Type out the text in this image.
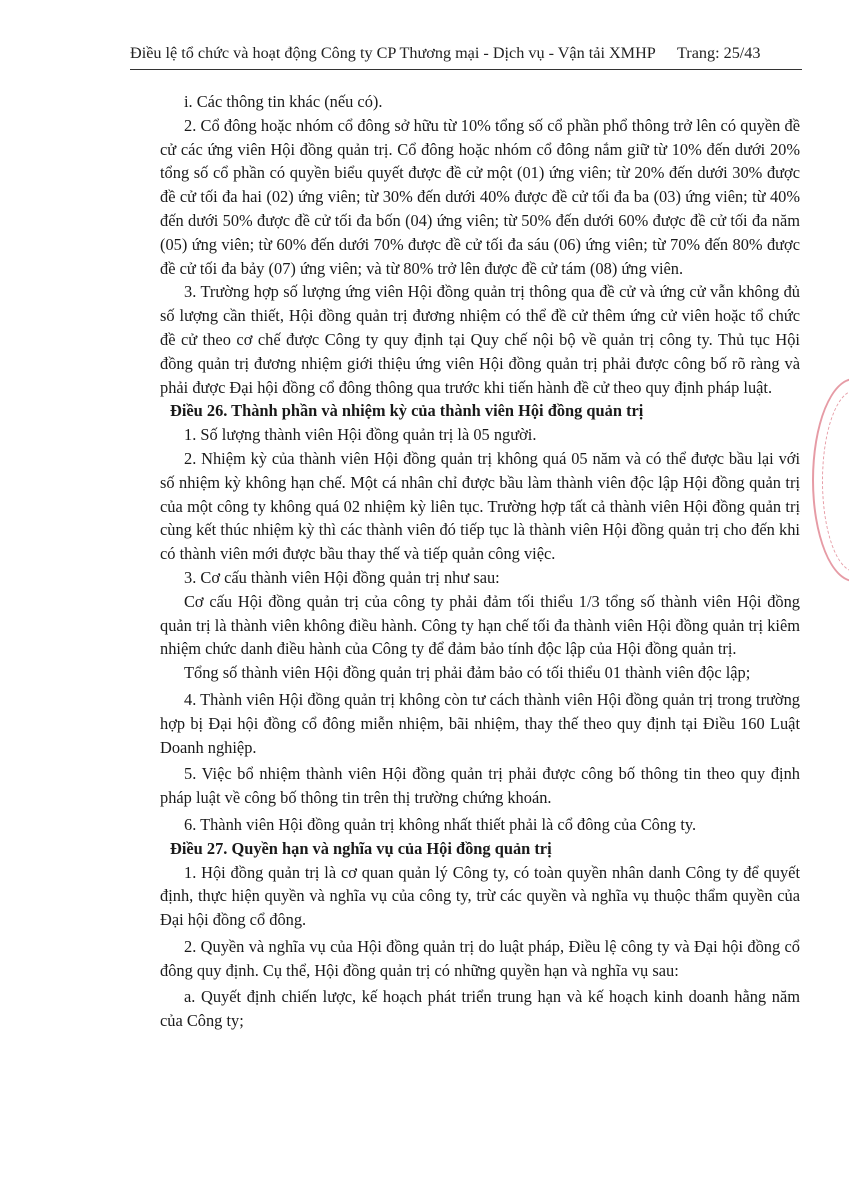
Điều lệ tổ chức và hoạt động Công ty CP Thương mại - Dịch vụ - Vận tải XMHP Trang: 25/43

i. Các thông tin khác (nếu có).

2. Cổ đông hoặc nhóm cổ đông sở hữu từ 10% tổng số cổ phần phổ thông trở lên có quyền đề cử các ứng viên Hội đồng quản trị. Cổ đông hoặc nhóm cổ đông nắm giữ từ 10% đến dưới 20% tổng số cổ phần có quyền biểu quyết được đề cử một (01) ứng viên; từ 20% đến dưới 30% được đề cử tối đa hai (02) ứng viên; từ 30% đến dưới 40% được đề cử tối đa ba (03) ứng viên; từ 40% đến dưới 50% được đề cử tối đa bốn (04) ứng viên; từ 50% đến dưới 60% được đề cử tối đa năm (05) ứng viên; từ 60% đến dưới 70% được đề cử tối đa sáu (06) ứng viên; từ 70% đến 80% được đề cử tối đa bảy (07) ứng viên; và từ 80% trở lên được đề cử tám (08) ứng viên.

3. Trường hợp số lượng ứng viên Hội đồng quản trị thông qua đề cử và ứng cử vẫn không đủ số lượng cần thiết, Hội đồng quản trị đương nhiệm có thể đề cử thêm ứng cử viên hoặc tổ chức đề cử theo cơ chế được Công ty quy định tại Quy chế nội bộ về quản trị công ty. Thủ tục Hội đồng quản trị đương nhiệm giới thiệu ứng viên Hội đồng quản trị phải được công bố rõ ràng và phải được Đại hội đồng cổ đông thông qua trước khi tiến hành đề cử theo quy định pháp luật.

Điều 26. Thành phần và nhiệm kỳ của thành viên Hội đồng quản trị

1. Số lượng thành viên Hội đồng quản trị là 05 người.

2. Nhiệm kỳ của thành viên Hội đồng quản trị không quá 05 năm và có thể được bầu lại với số nhiệm kỳ không hạn chế. Một cá nhân chỉ được bầu làm thành viên độc lập Hội đồng quản trị của một công ty không quá 02 nhiệm kỳ liên tục. Trường hợp tất cả thành viên Hội đồng quản trị cùng kết thúc nhiệm kỳ thì các thành viên đó tiếp tục là thành viên Hội đồng quản trị cho đến khi có thành viên mới được bầu thay thế và tiếp quản công việc.

3. Cơ cấu thành viên Hội đồng quản trị như sau:

Cơ cấu Hội đồng quản trị của công ty phải đảm tối thiểu 1/3 tổng số thành viên Hội đồng quản trị là thành viên không điều hành. Công ty hạn chế tối đa thành viên Hội đồng quản trị kiêm nhiệm chức danh điều hành của Công ty để đảm bảo tính độc lập của Hội đồng quản trị.

Tổng số thành viên Hội đồng quản trị phải đảm bảo có tối thiểu 01 thành viên độc lập;

4. Thành viên Hội đồng quản trị không còn tư cách thành viên Hội đồng quản trị trong trường hợp bị Đại hội đồng cổ đông miễn nhiệm, bãi nhiệm, thay thế theo quy định tại Điều 160 Luật Doanh nghiệp.

5. Việc bổ nhiệm thành viên Hội đồng quản trị phải được công bố thông tin theo quy định pháp luật về công bố thông tin trên thị trường chứng khoán.

6. Thành viên Hội đồng quản trị không nhất thiết phải là cổ đông của Công ty.

Điều 27. Quyền hạn và nghĩa vụ của Hội đồng quản trị

1. Hội đồng quản trị là cơ quan quản lý Công ty, có toàn quyền nhân danh Công ty để quyết định, thực hiện quyền và nghĩa vụ của công ty, trừ các quyền và nghĩa vụ thuộc thẩm quyền của Đại hội đồng cổ đông.

2. Quyền và nghĩa vụ của Hội đồng quản trị do luật pháp, Điều lệ công ty và Đại hội đồng cổ đông quy định. Cụ thể, Hội đồng quản trị có những quyền hạn và nghĩa vụ sau:

a. Quyết định chiến lược, kế hoạch phát triển trung hạn và kế hoạch kinh doanh hằng năm của Công ty;
